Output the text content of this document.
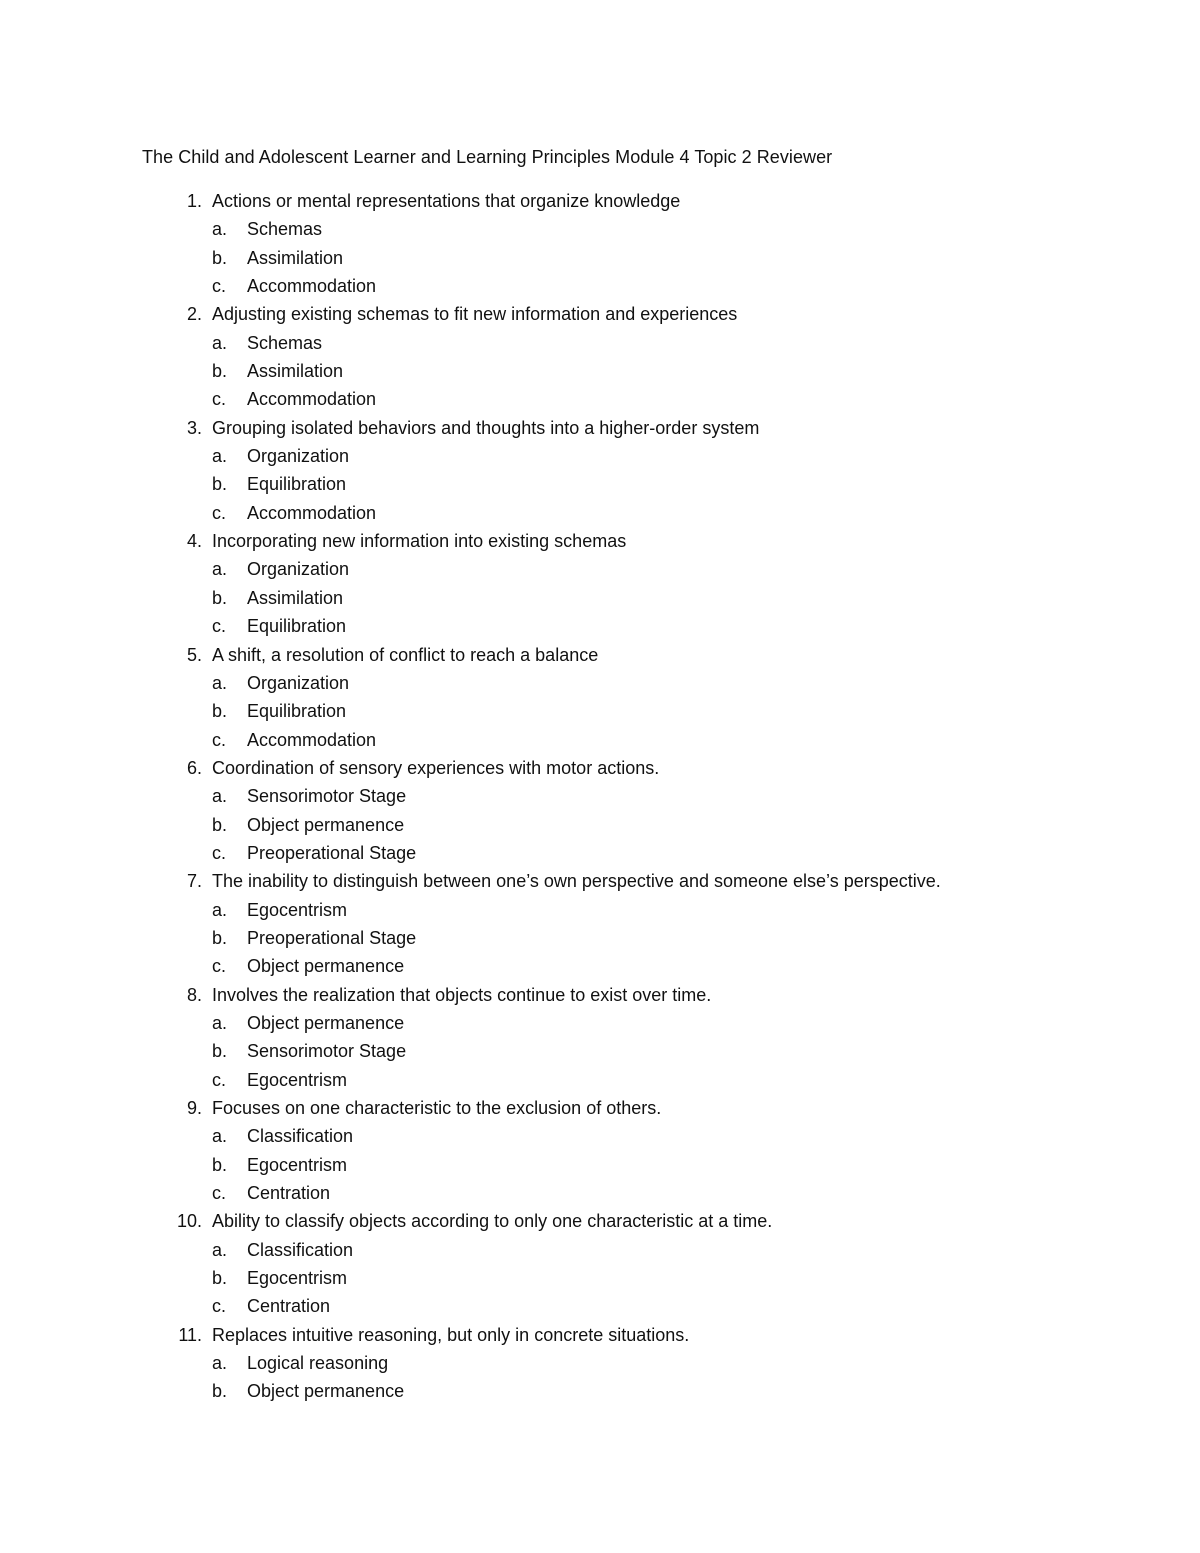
The Child and Adolescent Learner and Learning Principles Module 4 Topic 2 Reviewer
1. Actions or mental representations that organize knowledge
a.	Schemas
b.	Assimilation
c.	Accommodation
2. Adjusting existing schemas to fit new information and experiences
a.	Schemas
b.	Assimilation
c.	Accommodation
3. Grouping isolated behaviors and thoughts into a higher-order system
a.	Organization
b.	Equilibration
c.	Accommodation
4. Incorporating new information into existing schemas
a.	Organization
b.	Assimilation
c.	Equilibration
5. A shift, a resolution of conflict to reach a balance
a.	Organization
b.	Equilibration
c.	Accommodation
6. Coordination of sensory experiences with motor actions.
a.	Sensorimotor Stage
b.	Object permanence
c.	Preoperational Stage
7. The inability to distinguish between one’s own perspective and someone else’s perspective.
a.	Egocentrism
b.	Preoperational Stage
c.	Object permanence
8. Involves the realization that objects continue to exist over time.
a.	Object permanence
b.	Sensorimotor Stage
c.	Egocentrism
9. Focuses on one characteristic to the exclusion of others.
a.	Classification
b.	Egocentrism
c.	Centration
10. Ability to classify objects according to only one characteristic at a time.
a.	Classification
b.	Egocentrism
c.	Centration
11. Replaces intuitive reasoning, but only in concrete situations.
a.	Logical reasoning
b.	Object permanence
